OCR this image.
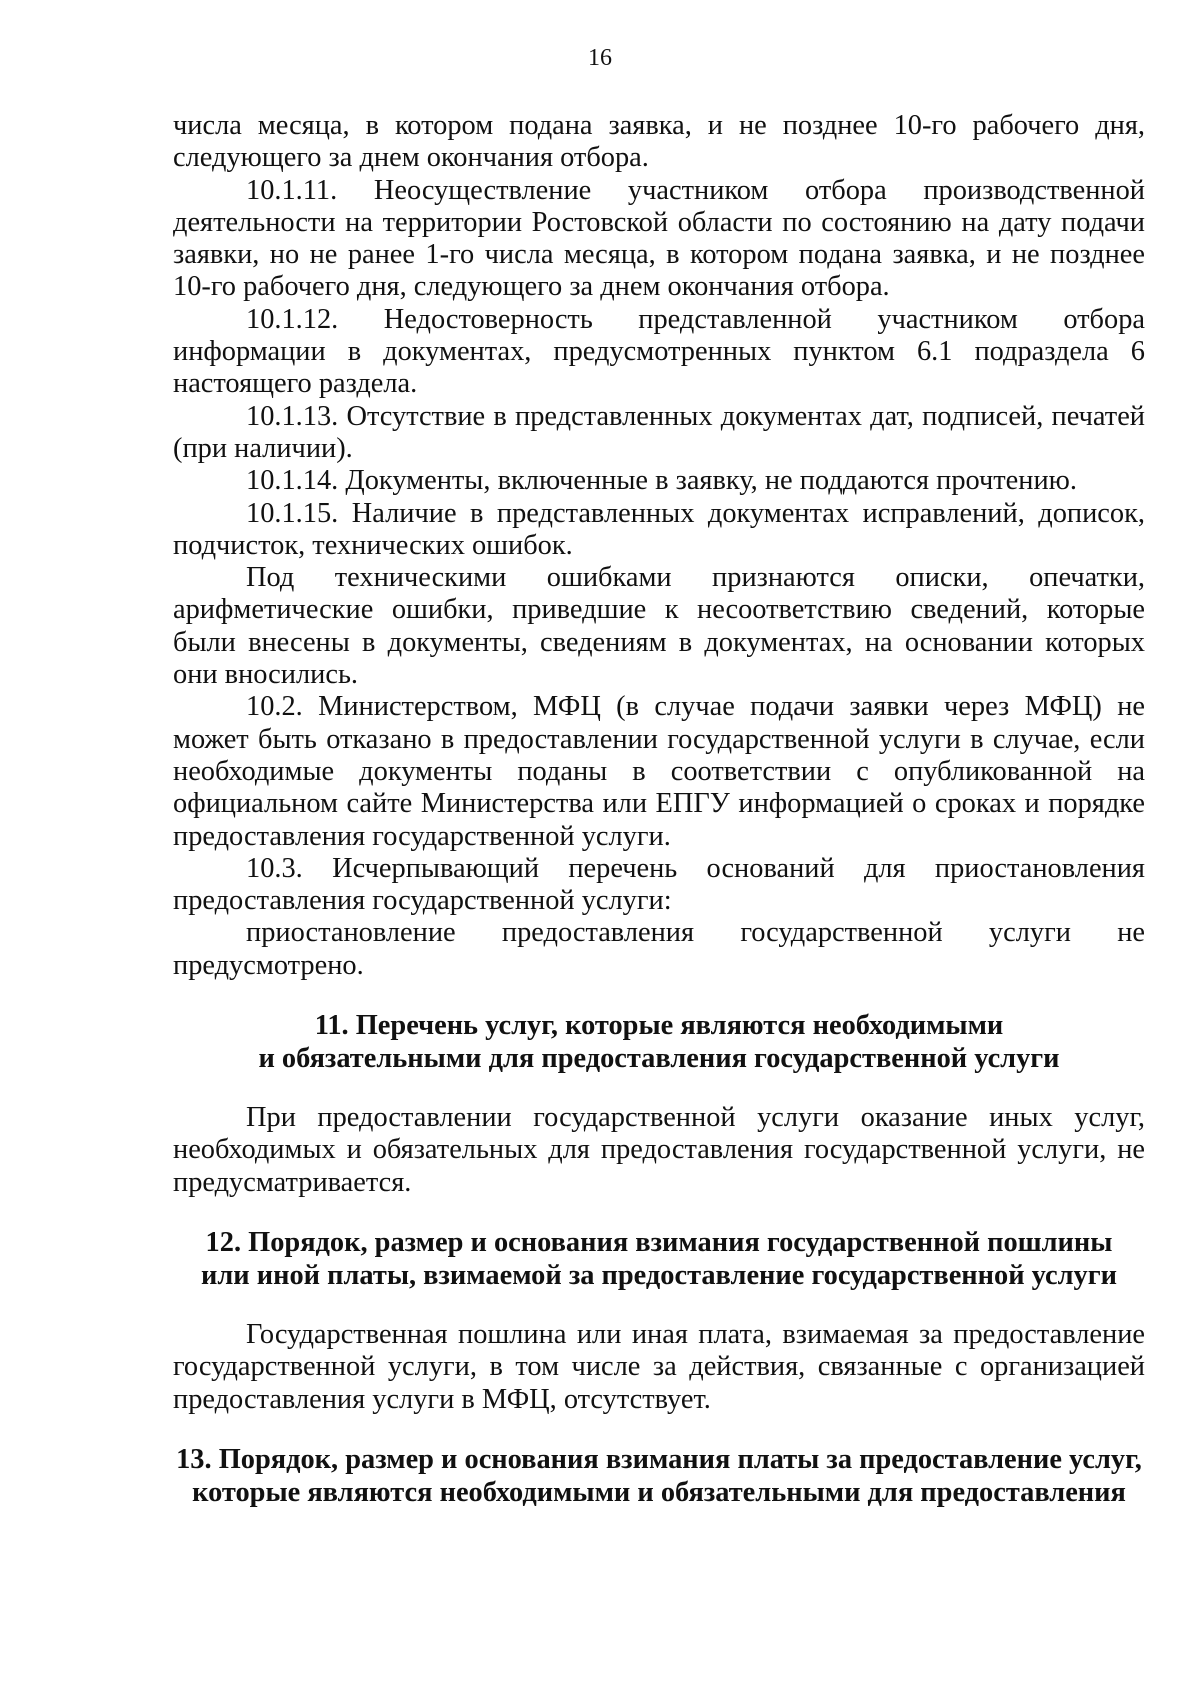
16

числа месяца, в котором подана заявка, и не позднее 10-го рабочего дня, следующего за днем окончания отбора.

10.1.11. Неосуществление участником отбора производственной деятельности на территории Ростовской области по состоянию на дату подачи заявки, но не ранее 1-го числа месяца, в котором подана заявка, и не позднее 10-го рабочего дня, следующего за днем окончания отбора.

10.1.12. Недостоверность представленной участником отбора информации в документах, предусмотренных пунктом 6.1 подраздела 6 настоящего раздела.

10.1.13. Отсутствие в представленных документах дат, подписей, печатей (при наличии).

10.1.14. Документы, включенные в заявку, не поддаются прочтению.

10.1.15. Наличие в представленных документах исправлений, дописок, подчисток, технических ошибок.

Под техническими ошибками признаются описки, опечатки, арифметические ошибки, приведшие к несоответствию сведений, которые были внесены в документы, сведениям в документах, на основании которых они вносились.

10.2. Министерством, МФЦ (в случае подачи заявки через МФЦ) не может быть отказано в предоставлении государственной услуги в случае, если необходимые документы поданы в соответствии с опубликованной на официальном сайте Министерства или ЕПГУ информацией о сроках и порядке предоставления государственной услуги.

10.3. Исчерпывающий перечень оснований для приостановления предоставления государственной услуги:

приостановление предоставления государственной услуги не предусмотрено.

11. Перечень услуг, которые являются необходимыми
и обязательными для предоставления государственной услуги

При предоставлении государственной услуги оказание иных услуг, необходимых и обязательных для предоставления государственной услуги, не предусматривается.

12. Порядок, размер и основания взимания государственной пошлины
или иной платы, взимаемой за предоставление государственной услуги

Государственная пошлина или иная плата, взимаемая за предоставление государственной услуги, в том числе за действия, связанные с организацией предоставления услуги в МФЦ, отсутствует.

13. Порядок, размер и основания взимания платы за предоставление услуг,
которые являются необходимыми и обязательными для предоставления
